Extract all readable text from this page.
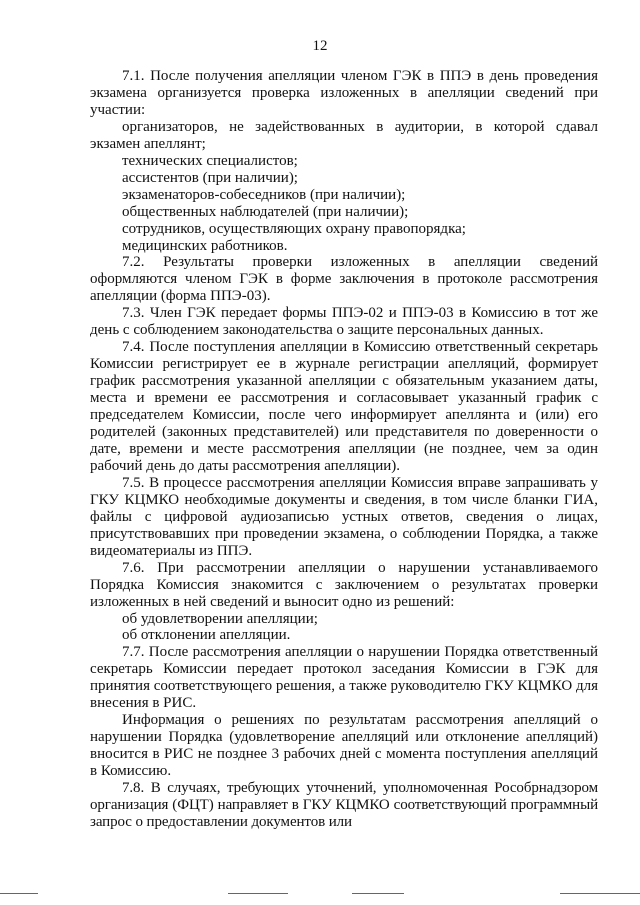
12

7.1. После получения апелляции членом ГЭК в ППЭ в день проведения экзамена организуется проверка изложенных в апелляции сведений при участии:

организаторов, не задействованных в аудитории, в которой сдавал экзамен апеллянт;

технических специалистов;

ассистентов (при наличии);

экзаменаторов-собеседников (при наличии);

общественных наблюдателей (при наличии);

сотрудников, осуществляющих охрану правопорядка;

медицинских работников.

7.2. Результаты проверки изложенных в апелляции сведений оформляются членом ГЭК в форме заключения в протоколе рассмотрения апелляции (форма ППЭ-03).

7.3. Член ГЭК передает формы ППЭ-02 и ППЭ-03 в Комиссию в тот же день с соблюдением законодательства о защите персональных данных.

7.4. После поступления апелляции в Комиссию ответственный секретарь Комиссии регистрирует ее в журнале регистрации апелляций, формирует график рассмотрения указанной апелляции с обязательным указанием даты, места и времени ее рассмотрения и согласовывает указанный график с председателем Комиссии, после чего информирует апеллянта и (или) его родителей (законных представителей) или представителя по доверенности о дате, времени и месте рассмотрения апелляции (не позднее, чем за один рабочий день до даты рассмотрения апелляции).

7.5. В процессе рассмотрения апелляции Комиссия вправе запрашивать у ГКУ КЦМКО необходимые документы и сведения, в том числе бланки ГИА, файлы с цифровой аудиозаписью устных ответов, сведения о лицах, присутствовавших при проведении экзамена, о соблюдении Порядка, а также видеоматериалы из ППЭ.

7.6. При рассмотрении апелляции о нарушении устанавливаемого Порядка Комиссия знакомится с заключением о результатах проверки изложенных в ней сведений и выносит одно из решений:

об удовлетворении апелляции;

об отклонении апелляции.

7.7. После рассмотрения апелляции о нарушении Порядка ответственный секретарь Комиссии передает протокол заседания Комиссии в ГЭК для принятия соответствующего решения, а также руководителю ГКУ КЦМКО для внесения в РИС.

Информация о решениях по результатам рассмотрения апелляций о нарушении Порядка (удовлетворение апелляций или отклонение апелляций) вносится в РИС не позднее 3 рабочих дней с момента поступления апелляций в Комиссию.

7.8. В случаях, требующих уточнений, уполномоченная Рособрнадзором организация (ФЦТ) направляет в ГКУ КЦМКО соответствующий программный запрос о предоставлении документов или
